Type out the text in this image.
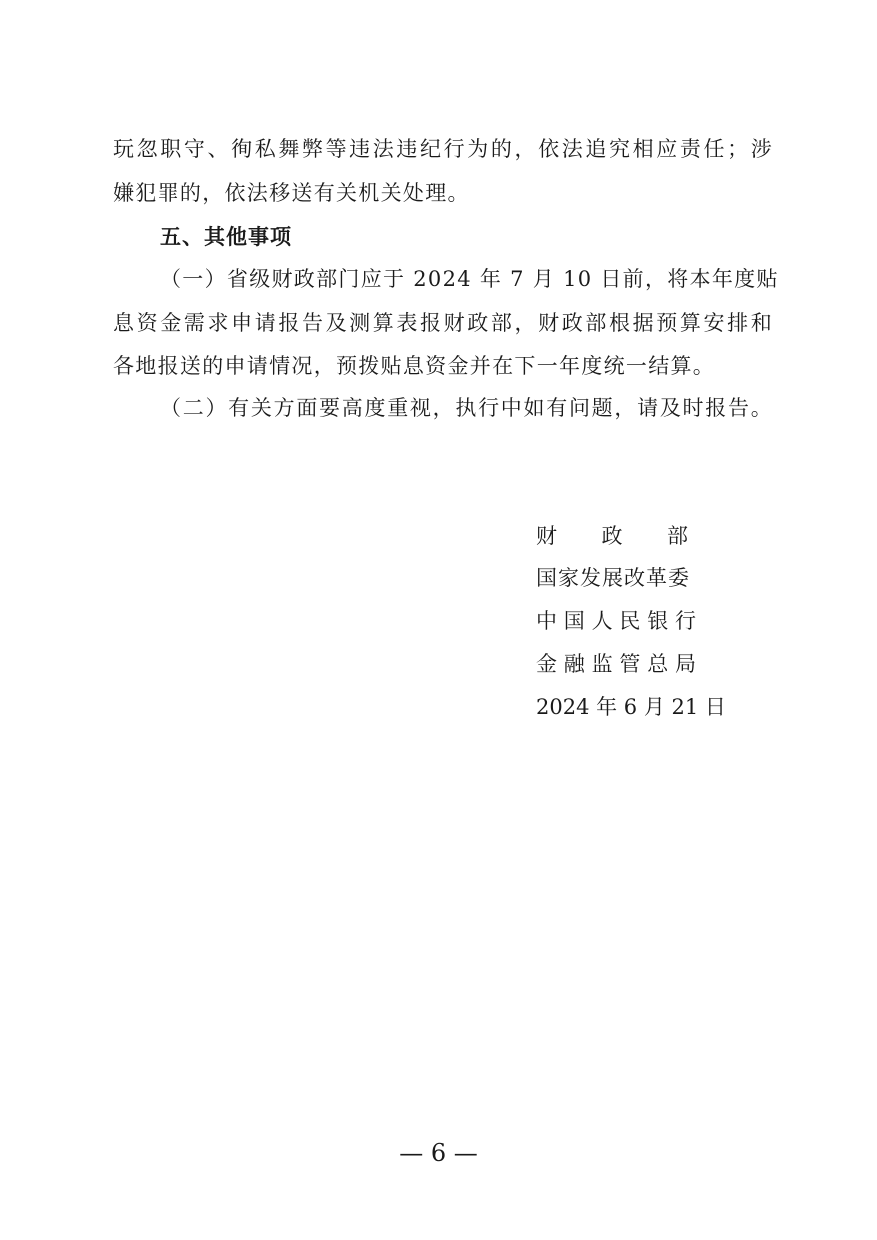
玩忽职守、徇私舞弊等违法违纪行为的，依法追究相应责任；涉
嫌犯罪的，依法移送有关机关处理。
五、其他事项
（一）省级财政部门应于 2024 年 7 月 10 日前，将本年度贴
息资金需求申请报告及测算表报财政部，财政部根据预算安排和
各地报送的申请情况，预拨贴息资金并在下一年度统一结算。
（二）有关方面要高度重视，执行中如有问题，请及时报告。
财政部
国家发展改革委
中国人民银行
金融监管总局
2024 年 6 月 21 日
— 6 —
